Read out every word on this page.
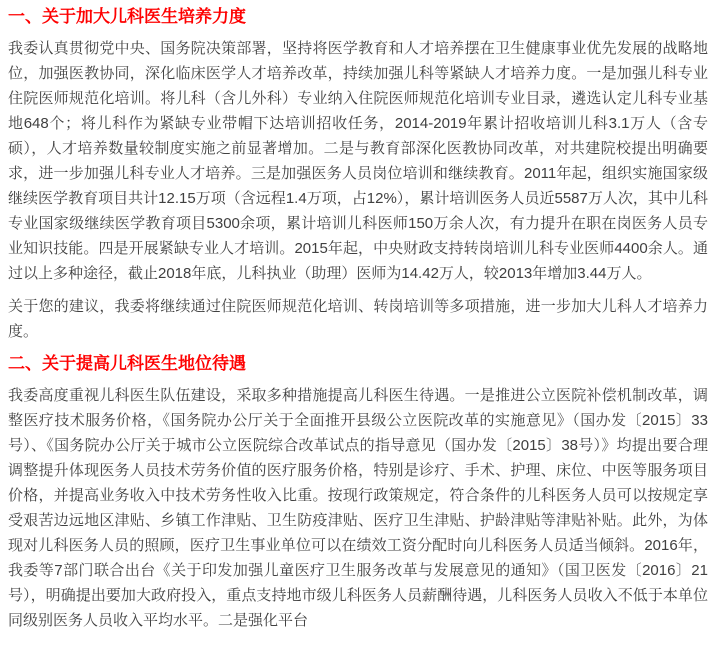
一、关于加大儿科医生培养力度

我委认真贯彻党中央、国务院决策部署，坚持将医学教育和人才培养摆在卫生健康事业优先发展的战略地位，加强医教协同，深化临床医学人才培养改革，持续加强儿科等紧缺人才培养力度。一是加强儿科专业住院医师规范化培训。将儿科（含儿外科）专业纳入住院医师规范化培训专业目录，遴选认定儿科专业基地648个；将儿科作为紧缺专业带帽下达培训招收任务，2014-2019年累计招收培训儿科3.1万人（含专硕），人才培养数量较制度实施之前显著增加。二是与教育部深化医教协同改革，对共建院校提出明确要求，进一步加强儿科专业人才培养。三是加强医务人员岗位培训和继续教育。2011年起，组织实施国家级继续医学教育项目共计12.15万项（含远程1.4万项，占12%），累计培训医务人员近5587万人次，其中儿科专业国家级继续医学教育项目5300余项，累计培训儿科医师150万余人次，有力提升在职在岗医务人员专业知识技能。四是开展紧缺专业人才培训。2015年起，中央财政支持转岗培训儿科专业医师4400余人。通过以上多种途径，截止2018年底，儿科执业（助理）医师为14.42万人，较2013年增加3.44万人。

关于您的建议，我委将继续通过住院医师规范化培训、转岗培训等多项措施，进一步加大儿科人才培养力度。

二、关于提高儿科医生地位待遇

我委高度重视儿科医生队伍建设，采取多种措施提高儿科医生待遇。一是推进公立医院补偿机制改革，调整医疗技术服务价格，《国务院办公厅关于全面推开县级公立医院改革的实施意见》（国办发〔2015〕33号）、《国务院办公厅关于城市公立医院综合改革试点的指导意见（国办发〔2015〕38号）》均提出要合理调整提升体现医务人员技术劳务价值的医疗服务价格，特别是诊疗、手术、护理、床位、中医等服务项目价格，并提高业务收入中技术劳务性收入比重。按现行政策规定，符合条件的儿科医务人员可以按规定享受艰苦边远地区津贴、乡镇工作津贴、卫生防疫津贴、医疗卫生津贴、护龄津贴等津贴补贴。此外，为体现对儿科医务人员的照顾，医疗卫生事业单位可以在绩效工资分配时向儿科医务人员适当倾斜。2016年，我委等7部门联合出台《关于印发加强儿童医疗卫生服务改革与发展意见的通知》（国卫医发〔2016〕21号），明确提出要加大政府投入，重点支持地市级儿科医务人员薪酬待遇，儿科医务人员收入不低于本单位同级别医务人员收入平均水平。二是强化平台
